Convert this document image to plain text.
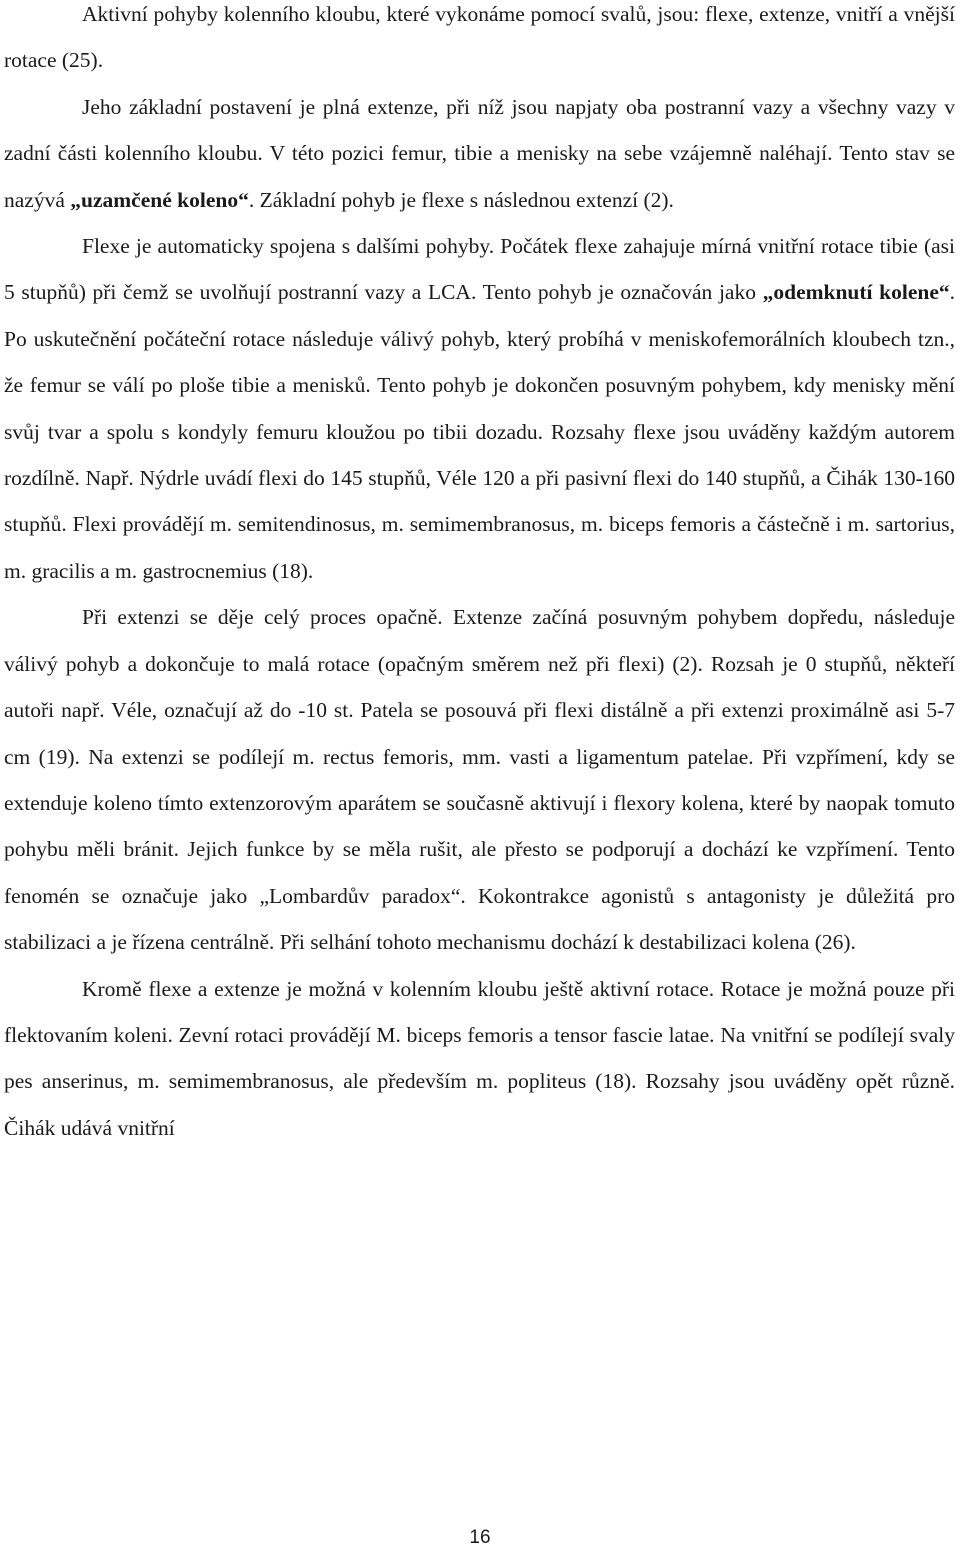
Aktivní pohyby kolenního kloubu, které vykonáme pomocí svalů, jsou: flexe, extenze, vnitří a vnější rotace (25).

Jeho základní postavení je plná extenze, při níž jsou napjaty oba postranní vazy a všechny vazy v zadní části kolenního kloubu. V této pozici femur, tibie a menisky na sebe vzájemně naléhají. Tento stav se nazývá „uzamčené koleno“. Základní pohyb je flexe s následnou extenzí (2).

Flexe je automaticky spojena s dalšími pohyby. Počátek flexe zahajuje mírná vnitřní rotace tibie (asi 5 stupňů) při čemž se uvolňují postranní vazy a LCA. Tento pohyb je označován jako „odemknutí kolene“. Po uskutečnění počáteční rotace následuje válivý pohyb, který probíhá v meniskofemorálních kloubech tzn., že femur se válí po ploše tibie a menisků. Tento pohyb je dokončen posuvným pohybem, kdy menisky mění svůj tvar a spolu s kondyly femuru kloužou po tibii dozadu. Rozsahy flexe jsou uváděny každým autorem rozdílně. Např. Nýdrle uvádí flexi do 145 stupňů, Véle 120 a při pasivní flexi do 140 stupňů, a Čihák 130-160 stupňů. Flexi provádějí m. semitendinosus, m. semimembranosus, m. biceps femoris a částečně i m. sartorius, m. gracilis a m. gastrocnemius (18).

Při extenzi se děje celý proces opačně. Extenze začíná posuvným pohybem dopředu, následuje válivý pohyb a dokončuje to malá rotace (opačným směrem než při flexi) (2). Rozsah je 0 stupňů, někteří autoři např. Véle, označují až do -10 st. Patela se posouvá při flexi distálně a při extenzi proximálně asi 5-7 cm (19). Na extenzi se podílejí m. rectus femoris, mm. vasti a ligamentum patelae. Při vzpřímení, kdy se extenduje koleno tímto extenzorovým aparátem se současně aktivují i flexory kolena, které by naopak tomuto pohybu měli bránit. Jejich funkce by se měla rušit, ale přesto se podporují a dochází ke vzpřímení. Tento fenomén se označuje jako „Lombardův paradox“. Kokontrakce agonistů s antagonisty je důležitá pro stabilizaci a je řízena centrálně. Při selhání tohoto mechanismu dochází k destabilizaci kolena (26).

Kromě flexe a extenze je možná v kolenním kloubu ještě aktivní rotace. Rotace je možná pouze při flektovaním koleni. Zevní rotaci provádějí M. biceps femoris a tensor fascie latae. Na vnitřní se podílejí svaly pes anserinus, m. semimembranosus, ale především m. popliteus (18). Rozsahy jsou uváděny opět různě. Čihák udává vnitřní

16
